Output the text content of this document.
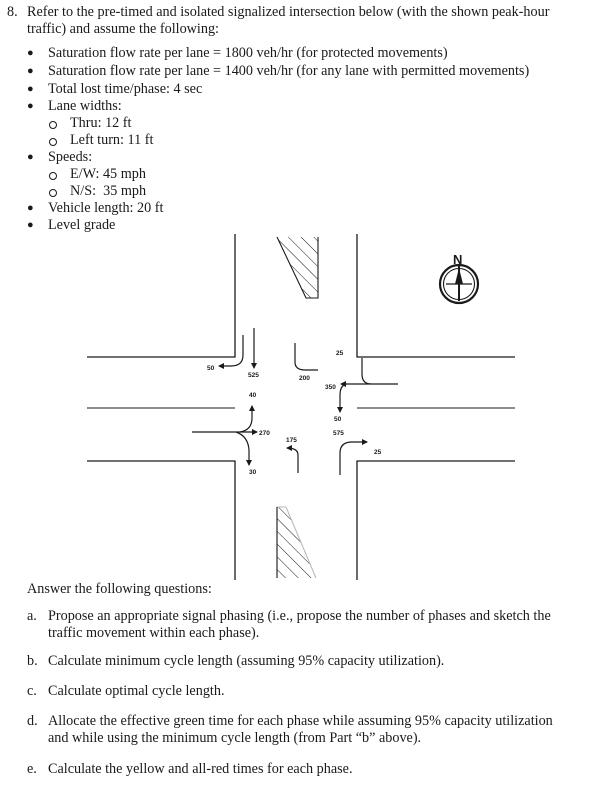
8. Refer to the pre-timed and isolated signalized intersection below (with the shown peak-hour traffic) and assume the following:
● Saturation flow rate per lane = 1800 veh/hr (for protected movements)
● Saturation flow rate per lane = 1400 veh/hr (for any lane with permitted movements)
● Total lost time/phase: 4 sec
● Lane widths:
Thru: 12 ft
Left turn: 11 ft
● Speeds:
E/W: 45 mph
N/S:  35 mph
● Vehicle length: 20 ft
● Level grade
50
525	200
25
350
50
575
25
40
270
30
175
N
Answer the following questions:
a. Propose an appropriate signal phasing (i.e., propose the number of phases and sketch the traffic movement within each phase).
b. Calculate minimum cycle length (assuming 95% capacity utilization).
c. Calculate optimal cycle length.
d. Allocate the effective green time for each phase while assuming 95% capacity utilization and while using the minimum cycle length (from Part “b” above).
e. Calculate the yellow and all-red times for each phase.
